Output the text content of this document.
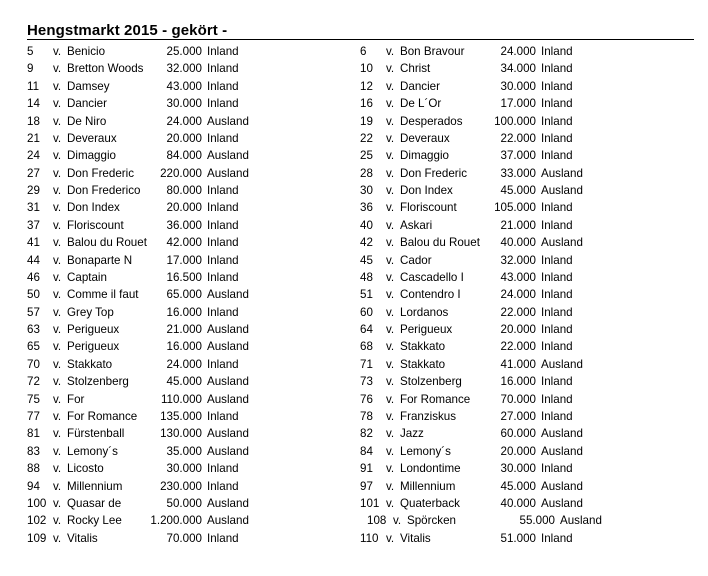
Hengstmarkt 2015 - gekört -
5	v. Benicio	25.000 Inland	6	v. Bon Bravour	24.000 Inland
9	v. Bretton Woods	32.000 Inland	10	v. Christ	34.000 Inland
11	v. Damsey	43.000 Inland	12	v. Dancier	30.000 Inland
14	v. Dancier	30.000 Inland	16	v. De L´Or	17.000 Inland
18	v. De Niro	24.000 Ausland	19	v. Desperados	100.000 Inland
21	v. Deveraux	20.000 Inland	22	v. Deveraux	22.000 Inland
24	v. Dimaggio	84.000 Ausland	25	v. Dimaggio	37.000 Inland
27	v. Don Frederic	220.000 Ausland	28	v. Don Frederic	33.000 Ausland
29	v. Don Frederico	80.000 Inland	30	v. Don Index	45.000 Ausland
31	v. Don Index	20.000 Inland	36	v. Floriscount	105.000 Inland
37	v. Floriscount	36.000 Inland	40	v. Askari	21.000 Inland
41	v. Balou du Rouet	42.000 Inland	42	v. Balou du Rouet	40.000 Ausland
44	v. Bonaparte N	17.000 Inland	45	v. Cador	32.000 Inland
46	v. Captain	16.500 Inland	48	v. Cascadello I	43.000 Inland
50	v. Comme il faut	65.000 Ausland	51	v. Contendro I	24.000 Inland
57	v. Grey Top	16.000 Inland	60	v. Lordanos	22.000 Inland
63	v. Perigueux	21.000 Ausland	64	v. Perigueux	20.000 Inland
65	v. Perigueux	16.000 Ausland	68	v. Stakkato	22.000 Inland
70	v. Stakkato	24.000 Inland	71	v. Stakkato	41.000 Ausland
72	v. Stolzenberg	45.000 Ausland	73	v. Stolzenberg	16.000 Inland
75	v. For	110.000 Ausland	76	v. For Romance	70.000 Inland
77	v. For Romance	135.000 Inland	78	v. Franziskus	27.000 Inland
81	v. Fürstenball	130.000 Ausland	82	v. Jazz	60.000 Ausland
83	v. Lemony´s	35.000 Ausland	84	v. Lemony´s	20.000 Ausland
88	v. Licosto	30.000 Inland	91	v. Londontime	30.000 Inland
94	v. Millennium	230.000 Inland	97	v. Millennium	45.000 Ausland
100 v. Quasar de	50.000 Ausland	101 v. Quaterback	40.000 Ausland
102 v. Rocky Lee	1.200.000 Ausland	108 v. Spörcken	55.000 Ausland
109 v. Vitalis	70.000 Inland	110 v. Vitalis	51.000 Inland
